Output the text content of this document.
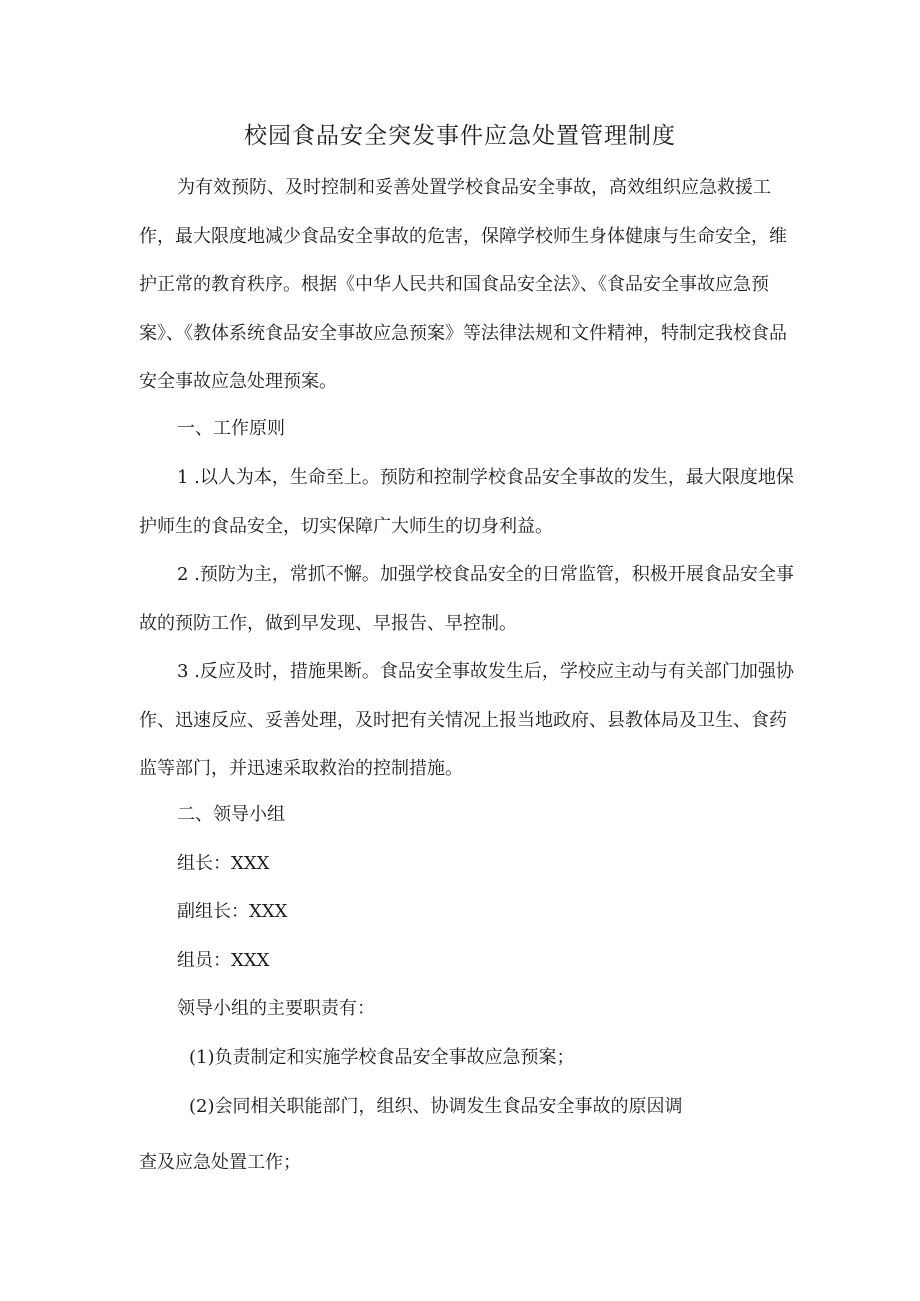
校园食品安全突发事件应急处置管理制度

为有效预防、及时控制和妥善处置学校食品安全事故，高效组织应急救援工作，最大限度地减少食品安全事故的危害，保障学校师生身体健康与生命安全，维护正常的教育秩序。根据《中华人民共和国食品安全法》、《食品安全事故应急预案》、《教体系统食品安全事故应急预案》等法律法规和文件精神，特制定我校食品安全事故应急处理预案。

一、工作原则

1 .以人为本，生命至上。预防和控制学校食品安全事故的发生，最大限度地保护师生的食品安全，切实保障广大师生的切身利益。

2 .预防为主，常抓不懈。加强学校食品安全的日常监管，积极开展食品安全事故的预防工作，做到早发现、早报告、早控制。

3 .反应及时，措施果断。食品安全事故发生后，学校应主动与有关部门加强协作、迅速反应、妥善处理，及时把有关情况上报当地政府、县教体局及卫生、食药监等部门，并迅速采取救治的控制措施。

二、领导小组
组长：XXX
副组长：XXX
组员：XXX
领导小组的主要职责有：
(1)负责制定和实施学校食品安全事故应急预案；
(2)会同相关职能部门，组织、协调发生食品安全事故的原因调
查及应急处置工作；
